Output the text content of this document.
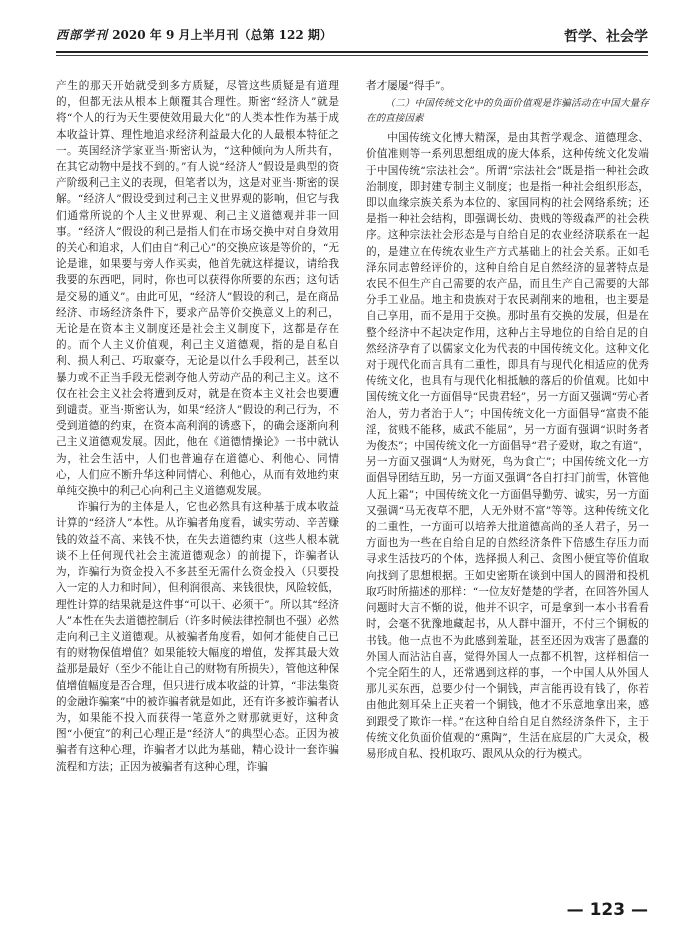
西部学刊 2020 年 9 月上半月刊（总第 122 期）	哲学、社会学

产生的那天开始就受到多方质疑，尽管这些质疑是有道理的，但都无法从根本上颠覆其合理性。斯密“经济人”就是将“个人的行为天生要使效用最大化”的人类本性作为基于成本收益计算、理性地追求经济利益最大化的人最根本特征之一。英国经济学家亚当·斯密认为，“这种倾向为人所共有，在其它动物中是找不到的。”有人说“经济人”假设是典型的资产阶级利己主义的表现，但笔者以为，这是对亚当·斯密的误解。“经济人”假设受到过利己主义世界观的影响，但它与我们通常所说的个人主义世界观、利己主义道德观并非一回事。“经济人”假设的利己是指人们在市场交换中对自身效用的关心和追求，人们由自“利己心”的交换应该是等价的，“无论是谁，如果要与旁人作买卖，他首先就这样提议，请给我我要的东西吧，同时，你也可以获得你所要的东西；这句话是交易的通义”。由此可见，“经济人”假设的利己，是在商品经济、市场经济条件下，要求产品等价交换意义上的利己，无论是在资本主义制度还是社会主义制度下，这都是存在的。而个人主义价值观，利己主义道德观，指的是自私自利、损人利己、巧取豪夺，无论是以什么手段利己，甚至以暴力或不正当手段无偿剥夺他人劳动产品的利己主义。这不仅在社会主义社会将遭到反对，就是在资本主义社会也要遭到谴责。亚当·斯密认为，如果“经济人”假设的利己行为，不受到道德的约束，在资本高利润的诱惑下，的确会逐渐向利己主义道德观发展。因此，他在《道德情操论》一书中就认为，社会生活中，人们也普遍存在道德心、利他心、同情心，人们应不断升华这种同情心、利他心，从而有效地约束单纯交换中的利己心向利己主义道德观发展。

诈骗行为的主体是人，它也必然具有这种基于成本收益计算的“经济人”本性。从诈骗者角度看，诚实劳动、辛苦赚钱的效益不高、来钱不快，在失去道德约束（这些人根本就谈不上任何现代社会主流道德观念）的前提下，诈骗者认为，诈骗行为资金投入不多甚至无需什么资金投入（只要投入一定的人力和时间），但利润很高、来钱很快，风险较低，理性计算的结果就是这件事“可以干、必须干”。所以其“经济人”本性在失去道德控制后（许多时候法律控制也不强）必然走向利己主义道德观。从被骗者角度看，如何才能使自己已有的财物保值增值？如果能较大幅度的增值，发挥其最大效益那是最好（至少不能让自己的财物有所损失），管他这种保值增值幅度是否合理，但只进行成本收益的计算，“非法集资的金融诈骗案”中的被诈骗者就是如此，还有许多被诈骗者认为，如果能不投入而获得一笔意外之财那就更好，这种贪图“小便宜”的利己心理正是“经济人”的典型心态。正因为被骗者有这种心理，诈骗者才以此为基础，精心设计一套诈骗流程和方法；正因为被骗者有这种心理，诈骗

者才屡屡“得手”。

（二）中国传统文化中的负面价值观是诈骗活动在中国大量存在的直接因素

中国传统文化博大精深，是由其哲学观念、道德理念、价值准则等一系列思想组成的庞大体系，这种传统文化发端于中国传统“宗法社会”。所谓“宗法社会”既是指一种社会政治制度，即封建专制主义制度；也是指一种社会组织形态，即以血缘宗族关系为本位的、家国同构的社会网络系统；还是指一种社会结构，即强调长幼、贵贱的等级森严的社会秩序。这种宗法社会形态是与自给自足的农业经济联系在一起的，是建立在传统农业生产方式基础上的社会关系。正如毛泽东同志曾经评价的，这种自给自足自然经济的显著特点是农民不但生产自己需要的农产品，而且生产自己需要的大部分手工业品。地主和贵族对于农民剥削来的地租，也主要是自己享用，而不是用于交换。那时虽有交换的发展，但是在整个经济中不起决定作用，这种占主导地位的自给自足的自然经济孕育了以儒家文化为代表的中国传统文化。这种文化对于现代化而言具有二重性，即具有与现代化相适应的优秀传统文化，也具有与现代化相抵触的落后的价值观。比如中国传统文化一方面倡导“民贵君轻”，另一方面又强调“劳心者治人，劳力者治于人”；中国传统文化一方面倡导“富贵不能淫，贫贱不能移，威武不能屈”，另一方面有强调“识时务者为俊杰”；中国传统文化一方面倡导“君子爱财，取之有道”，另一方面又强调“人为财死，鸟为食亡”；中国传统文化一方面倡导团结互助，另一方面又强调“各自打扫门前雪，休管他人瓦上霜”；中国传统文化一方面倡导勤劳、诚实，另一方面又强调“马无夜草不肥，人无外财不富”等等。这种传统文化的二重性，一方面可以培养大批道德高尚的圣人君子，另一方面也为一些在自给自足的自然经济条件下倍感生存压力而寻求生活技巧的个体，选择损人利己、贪图小便宜等价值取向找到了思想根据。王如史密斯在谈到中国人的圆滑和投机取巧时所描述的那样：“一位友好楚楚的学者，在回答外国人问题时大言不惭的说，他并不识字，可是拿到一本小书看看时，会毫不犹豫地藏起书，从人群中溜开，不付三个铜板的书钱。他一点也不为此感到羞耻，甚至还因为戏害了愚蠢的外国人而沾沾自喜，觉得外国人一点都不机智，这样相信一个完全陌生的人，还常遇到这样的事，一个中国人从外国人那儿买东西，总要少付一个铜钱，声言能再设有钱了，你若由他此刻耳朵上正夹着一个铜钱，他才不乐意地拿出来，感到跟受了欺诈一样。”在这种自给自足自然经济条件下，主于传统文化负面价值观的“熏陶”，生活在底层的广大灵众，极易形成自私、投机取巧、跟风从众的行为模式。

— 123 —
